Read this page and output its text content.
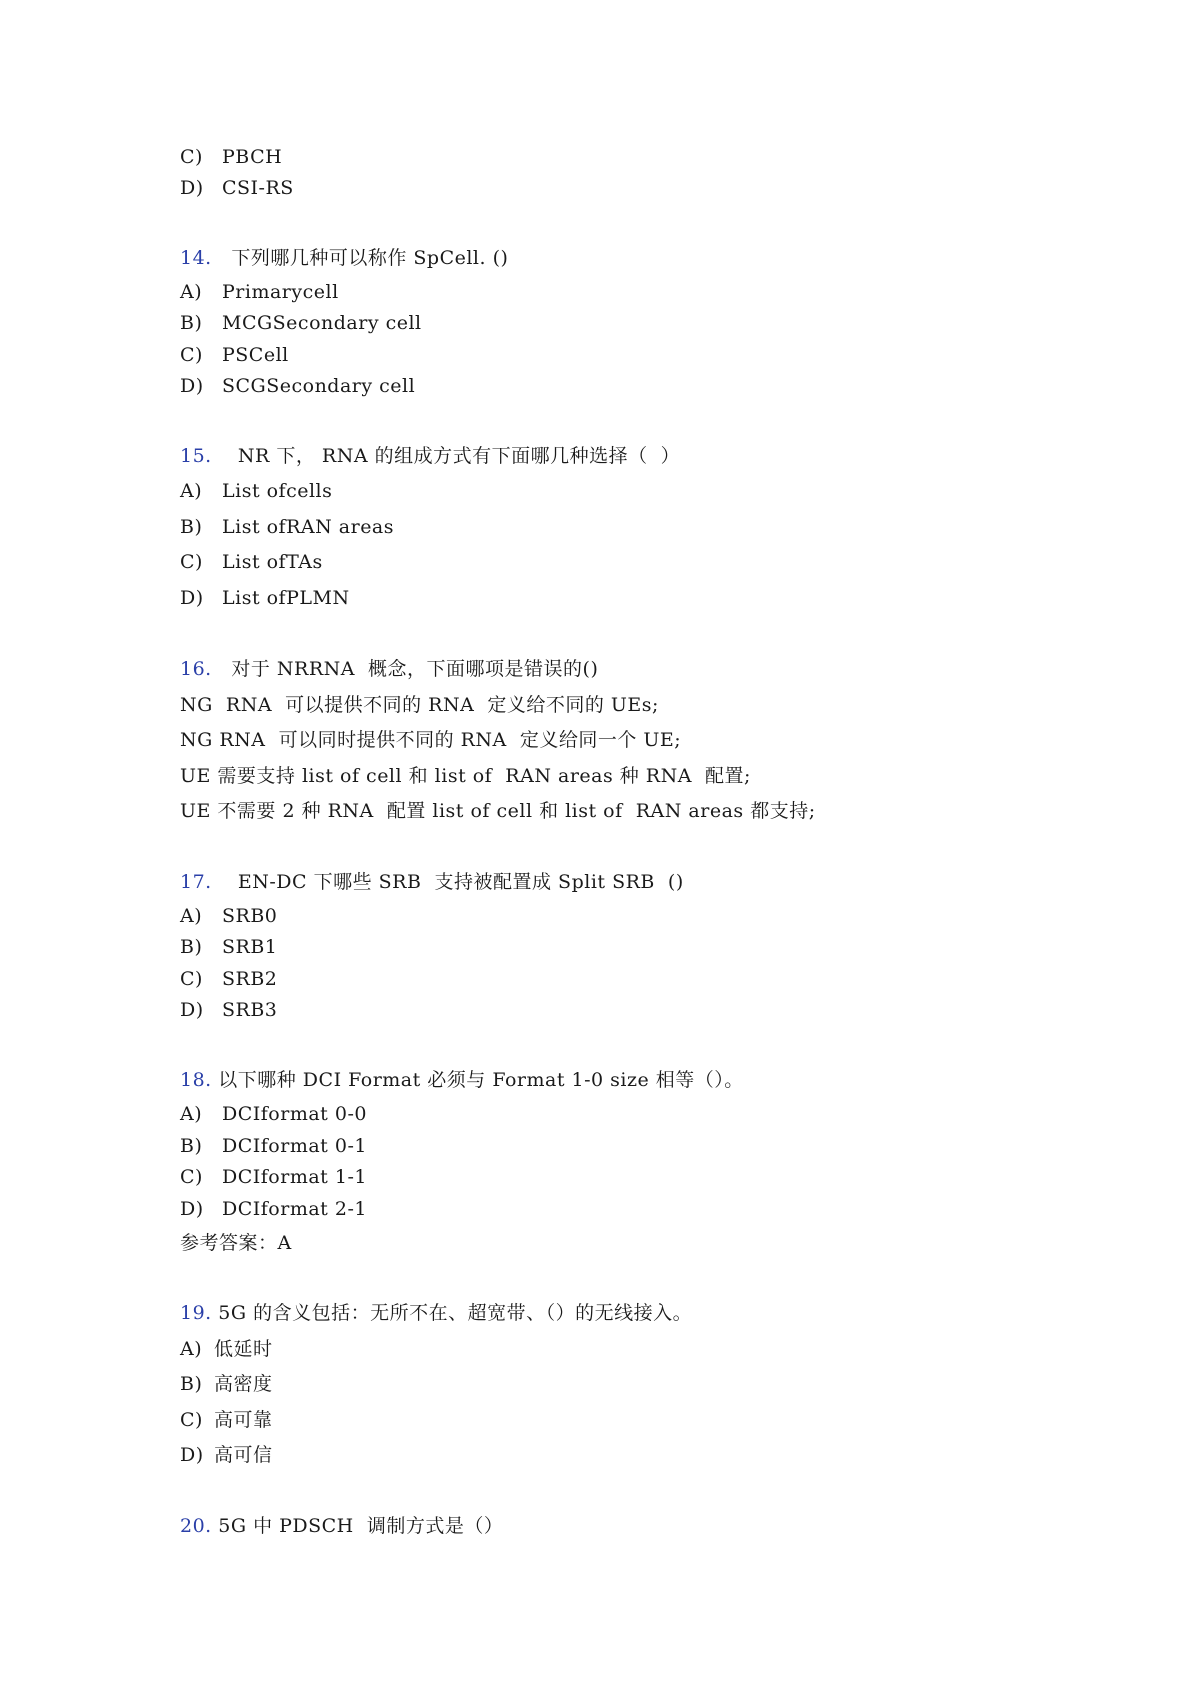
C) PBCH
D) CSI-RS
14. 下列哪几种可以称作 SpCell. ()
A) Primarycell
B) MCGSecondary cell
C) PSCell
D) SCGSecondary cell
15. NR 下， RNA 的组成方式有下面哪几种选择（  ）
A) List ofcells
B) List ofRAN areas
C) List ofTAs
D) List ofPLMN
16. 对于 NRRNA  概念，下面哪项是错误的()
NG  RNA  可以提供不同的 RNA  定义给不同的 UEs;
NG RNA  可以同时提供不同的 RNA  定义给同一个 UE;
UE 需要支持 list of cell 和 list of  RAN areas 种 RNA  配置;
UE 不需要 2 种 RNA  配置 list of cell 和 list of  RAN areas 都支持;
17. EN-DC 下哪些 SRB  支持被配置成 Split SRB  ()
A) SRB0
B) SRB1
C) SRB2
D) SRB3
18. 以下哪种 DCI Format 必须与 Format 1-0 size 相等（）。
A) DCIformat 0-0
B) DCIformat 0-1
C) DCIformat 1-1
D) DCIformat 2-1
参考答案：A
19. 5G 的含义包括：无所不在、超宽带、（）的无线接入。
A) 低延时
B) 高密度
C) 高可靠
D) 高可信
20. 5G 中 PDSCH  调制方式是（）
